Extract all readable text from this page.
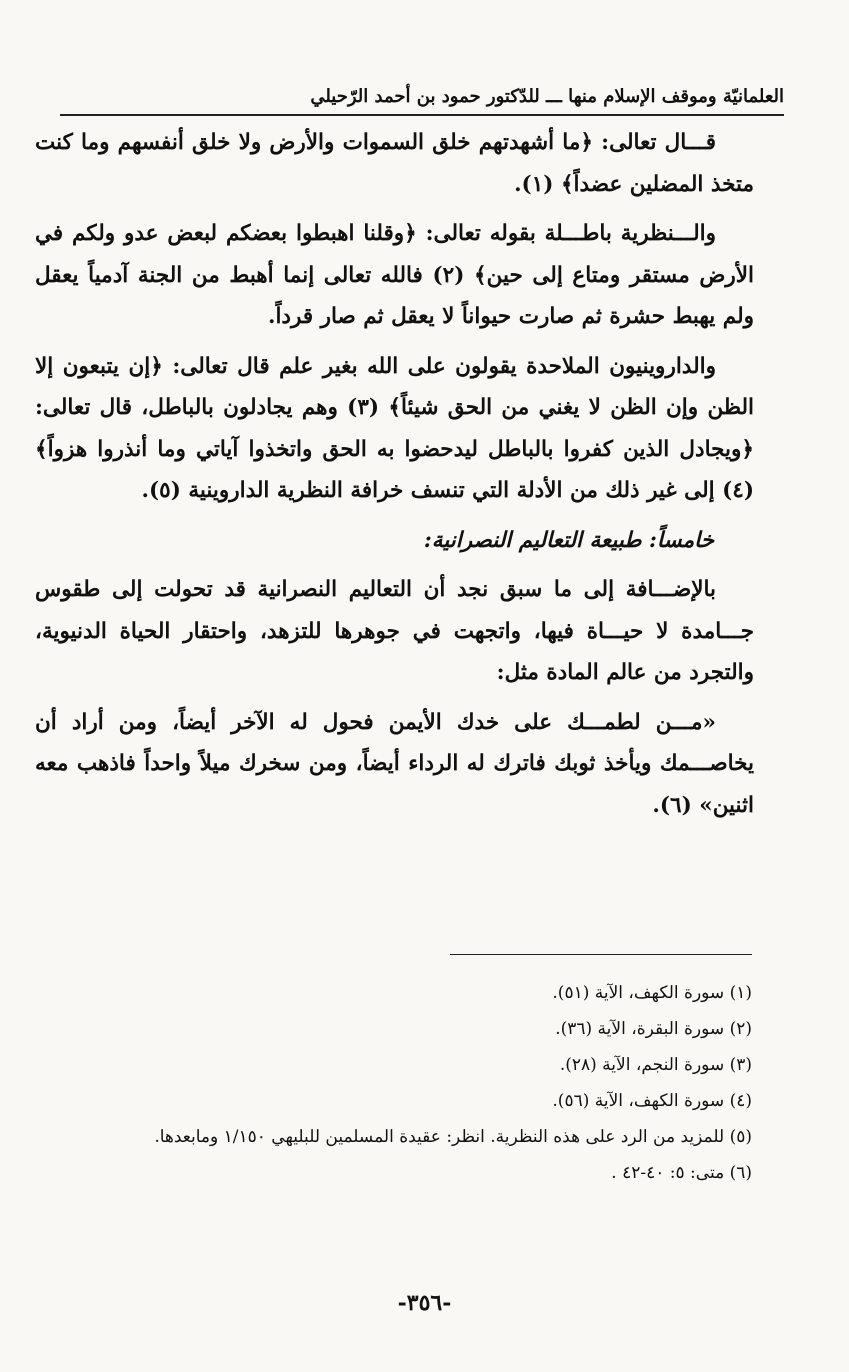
العلمانيّة وموقف الإسلام منها ـــ للدّكتور حمود بن أحمد الرّحيلي

قـــال تعالى: ﴿ما أشهدتهم خلق السموات والأرض ولا خلق أنفسهم وما كنت متخذ المضلين عضداً﴾ (١).

والـــنظرية باطـــلة بقوله تعالى: ﴿وقلنا اهبطوا بعضكم لبعض عدو ولكم في الأرض مستقر ومتاع إلى حين﴾ (٢) فالله تعالى إنما أهبط من الجنة آدمياً يعقل ولم يهبط حشرة ثم صارت حيواناً لا يعقل ثم صار قرداً.

والداروينيون الملاحدة يقولون على الله بغير علم قال تعالى: ﴿إن يتبعون إلا الظن وإن الظن لا يغني من الحق شيئاً﴾ (٣) وهم يجادلون بالباطل، قال تعالى: ﴿ويجادل الذين كفروا بالباطل ليدحضوا به الحق واتخذوا آياتي وما أنذروا هزواً﴾ (٤) إلى غير ذلك من الأدلة التي تنسف خرافة النظرية الداروينية (٥).

خامساً: طبيعة التعاليم النصرانية:

بالإضـــافة إلى ما سبق نجد أن التعاليم النصرانية قد تحولت إلى طقوس جـــامدة لا حيـــاة فيها، واتجهت في جوهرها للتزهد، واحتقار الحياة الدنيوية، والتجرد من عالم المادة مثل:

«مـــن لطمـــك على خدك الأيمن فحول له الآخر أيضاً، ومن أراد أن يخاصـــمك ويأخذ ثوبك فاترك له الرداء أيضاً، ومن سخرك ميلاً واحداً فاذهب معه اثنين» (٦).

(١) سورة الكهف، الآية (٥١).

(٢) سورة البقرة، الآية (٣٦).

(٣) سورة النجم، الآية (٢٨).

(٤) سورة الكهف، الآية (٥٦).

(٥) للمزيد من الرد على هذه النظرية. انظر: عقيدة المسلمين للبليهي ١/١٥٠ ومابعدها.

(٦) متى: ٥: ٤٠-٤٢ .

-٣٥٦-
